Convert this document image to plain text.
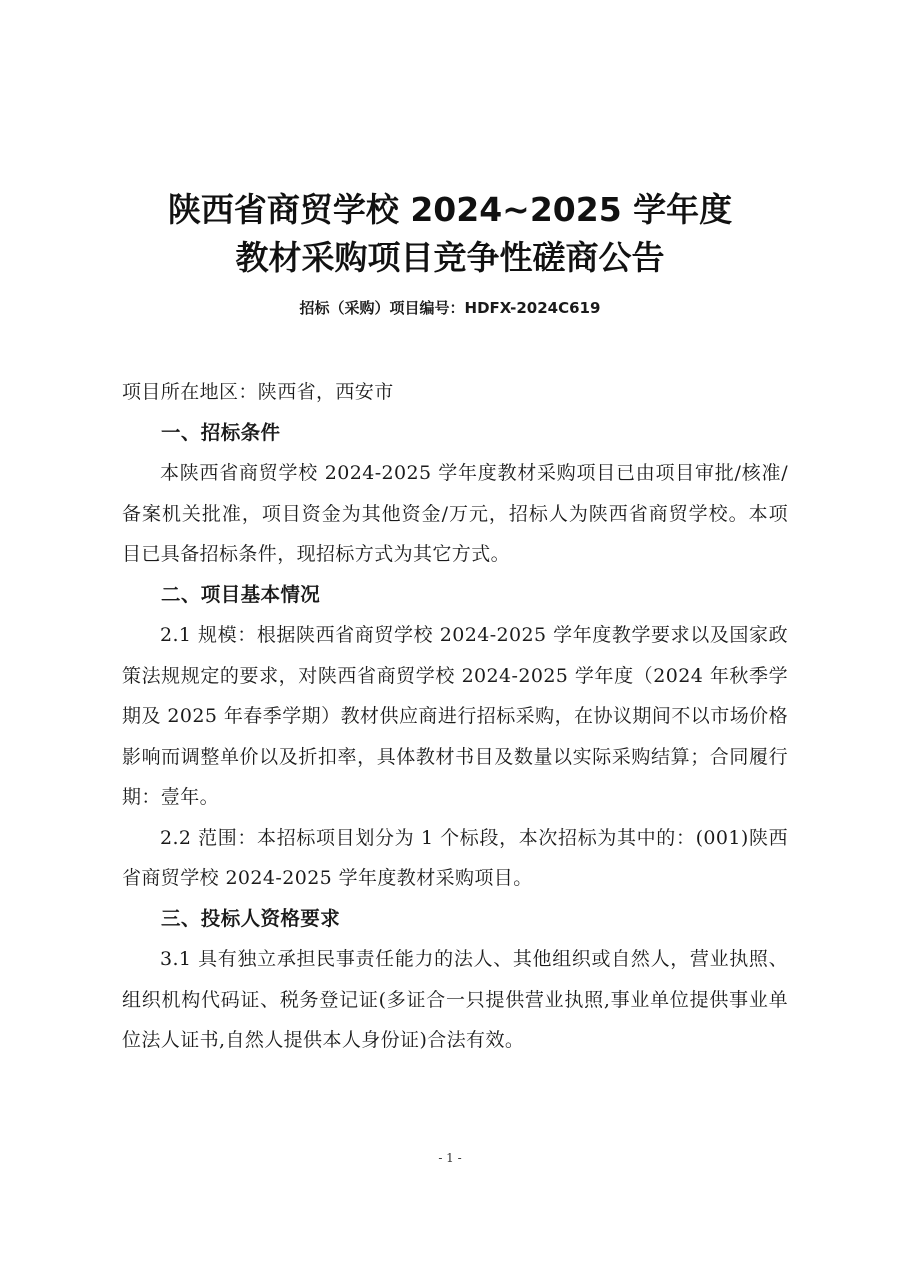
陕西省商贸学校 2024~2025 学年度
教材采购项目竞争性磋商公告
招标（采购）项目编号：HDFX-2024C619

项目所在地区：陕西省，西安市

一、招标条件

本陕西省商贸学校 2024-2025 学年度教材采购项目已由项目审批/核准/备案机关批准，项目资金为其他资金/万元，招标人为陕西省商贸学校。本项目已具备招标条件，现招标方式为其它方式。

二、项目基本情况

2.1 规模：根据陕西省商贸学校 2024-2025 学年度教学要求以及国家政策法规规定的要求，对陕西省商贸学校 2024-2025 学年度（2024 年秋季学期及 2025 年春季学期）教材供应商进行招标采购，在协议期间不以市场价格影响而调整单价以及折扣率，具体教材书目及数量以实际采购结算；合同履行期：壹年。

2.2 范围：本招标项目划分为 1 个标段，本次招标为其中的：(001)陕西省商贸学校 2024-2025 学年度教材采购项目。

三、投标人资格要求

3.1 具有独立承担民事责任能力的法人、其他组织或自然人，营业执照、组织机构代码证、税务登记证(多证合一只提供营业执照,事业单位提供事业单位法人证书,自然人提供本人身份证)合法有效。

- 1 -
